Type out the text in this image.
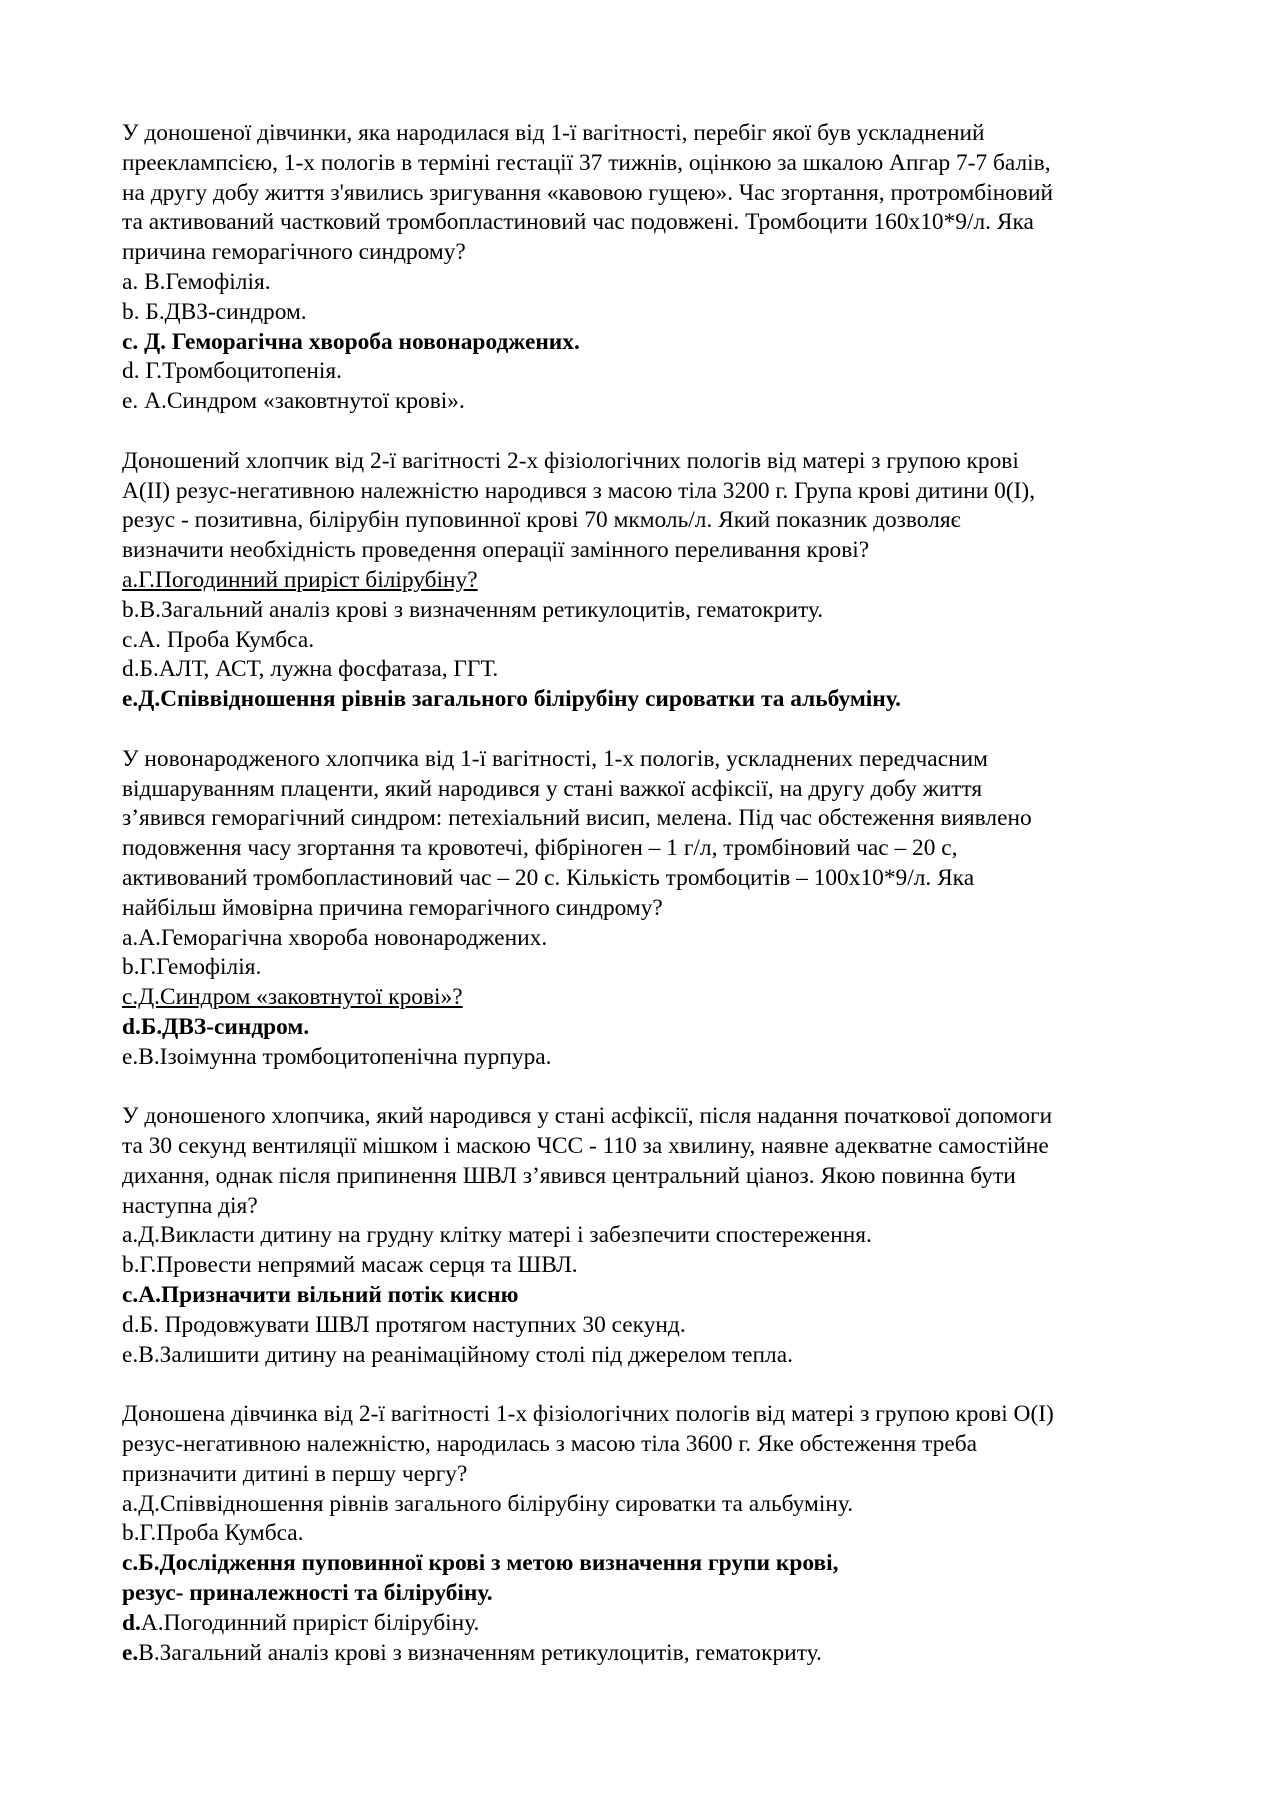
У доношеної дівчинки, яка народилася від 1-ї вагітності, перебіг якої був ускладнений
прееклампсією, 1-х пологів в терміні гестації 37 тижнів, оцінкою за шкалою Апгар 7-7 балів,
на другу добу життя з'явились зригування «кавовою гущею». Час згортання, протромбіновий
та активований частковий тромбопластиновий час подовжені. Тромбоцити 160х10*9/л. Яка
причина геморагічного синдрому?

a. В.Гемофілія.
b. Б.ДВЗ-синдром.
c. Д. Геморагічна хвороба новонароджених.
d. Г.Тромбоцитопенія.
e. А.Синдром «заковтнутої крові».

Доношений хлопчик від 2-ї вагітності 2-х фізіологічних пологів від матері з групою крові
А(ІІ) резус-негативною належністю народився з масою тіла 3200 г. Група крові дитини 0(І),
резус - позитивна, білірубін пуповинної крові 70 мкмоль/л. Який показник дозволяє
визначити необхідність проведення операції замінного переливання крові?

a.Г.Погодинний приріст білірубіну?
b.В.Загальний аналіз крові з визначенням ретикулоцитів, гематокриту.
c.А. Проба Кумбса.
d.Б.АЛТ, АСТ, лужна фосфатаза, ГГТ.
e.Д.Співвідношення рівнів загального білірубіну сироватки та альбуміну.

У новонародженого хлопчика від 1-ї вагітності, 1-х пологів, ускладнених передчасним
відшаруванням плаценти, який народився у стані важкої асфіксії, на другу добу життя
з’явився геморагічний синдром: петехіальний висип, мелена. Під час обстеження виявлено
подовження часу згортання та кровотечі, фібріноген – 1 г/л, тромбіновий час – 20 с,
активований тромбопластиновий час – 20 с. Кількість тромбоцитів – 100х10*9/л. Яка
найбільш ймовірна причина геморагічного синдрому?

a.А.Геморагічна хвороба новонароджених.
b.Г.Гемофілія.
c.Д.Синдром «заковтнутої крові»?
d.Б.ДВЗ-синдром.
e.В.Ізоімунна тромбоцитопенічна пурпура.

У доношеного хлопчика, який народився у стані асфіксії, після надання початкової допомоги
та 30 секунд вентиляції мішком і маскою ЧСС - 110 за хвилину, наявне адекватне самостійне
дихання, однак після припинення ШВЛ з’явився центральний ціаноз. Якою повинна бути
наступна дія?

a.Д.Викласти дитину на грудну клітку матері і забезпечити спостереження.
b.Г.Провести непрямий масаж серця та ШВЛ.
c.А.Призначити вільний потік кисню
d.Б. Продовжувати ШВЛ протягом наступних 30 секунд.
e.В.Залишити дитину на реанімаційному столі під джерелом тепла.

Доношена дівчинка від 2-ї вагітності 1-х фізіологічних пологів від матері з групою крові О(І)
резус-негативною належністю, народилась з масою тіла 3600 г. Яке обстеження треба
призначити дитині в першу чергу?

a.Д.Співвідношення рівнів загального білірубіну сироватки та альбуміну.
b.Г.Проба Кумбса.
c.Б.Дослідження пуповинної крові з метою визначення групи крові,
резус- приналежності та білірубіну.
d.А.Погодинний приріст білірубіну.
e.В.Загальний аналіз крові з визначенням ретикулоцитів, гематокриту.
